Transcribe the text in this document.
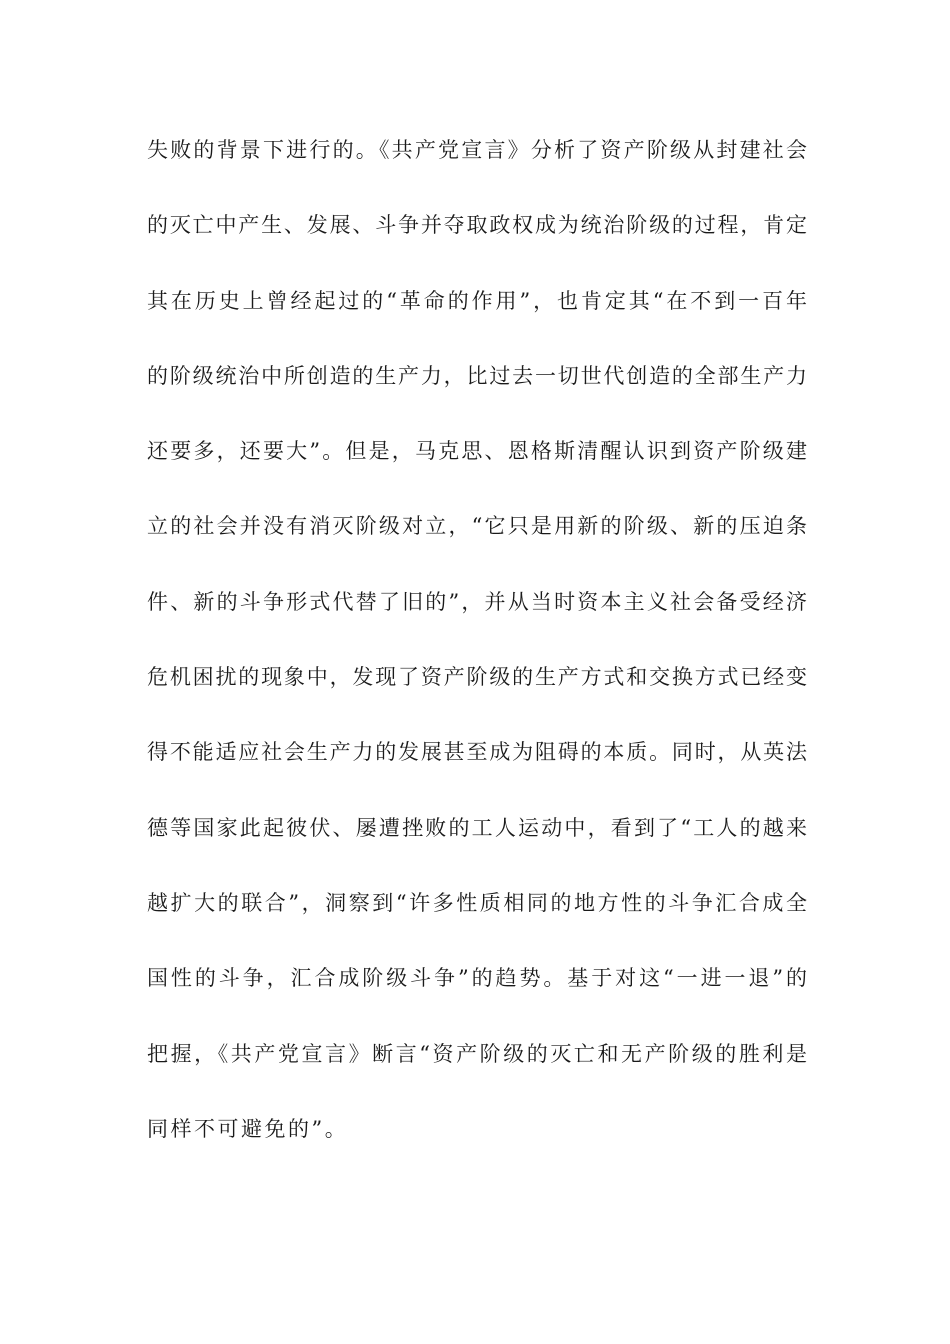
失败的背景下进行的。《共产党宣言》分析了资产阶级从封建社会
的灭亡中产生、发展、斗争并夺取政权成为统治阶级的过程，肯定
其在历史上曾经起过的“革命的作用”，也肯定其“在不到一百年
的阶级统治中所创造的生产力，比过去一切世代创造的全部生产力
还要多，还要大”。但是，马克思、恩格斯清醒认识到资产阶级建
立的社会并没有消灭阶级对立，“它只是用新的阶级、新的压迫条
件、新的斗争形式代替了旧的”，并从当时资本主义社会备受经济
危机困扰的现象中，发现了资产阶级的生产方式和交换方式已经变
得不能适应社会生产力的发展甚至成为阻碍的本质。同时，从英法
德等国家此起彼伏、屡遭挫败的工人运动中，看到了“工人的越来
越扩大的联合”，洞察到“许多性质相同的地方性的斗争汇合成全
国性的斗争，汇合成阶级斗争”的趋势。基于对这“一进一退”的
把握，《共产党宣言》断言“资产阶级的灭亡和无产阶级的胜利是
同样不可避免的”。
